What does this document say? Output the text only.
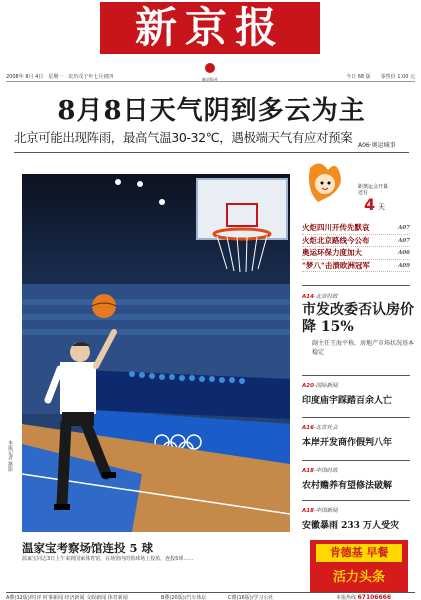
新京报
新京报社
2008年 8月 4日　星期一　农历戊子年七月初四	今日 68 版　　零售价 1.00 元
8月8日天气阴到多云为主
北京可能出现阵雨，最高气温30-32℃，遇极端天气有应对预案
A06·奥运城事
温家宝考察场馆连投 5 球
温家宝同志3日上午来到国家体育馆，在场馆内的篮球场上投篮，连投5球……
本报记者 摄影
距奥运会开幕还有
4 天
火炬四川开传先默哀	A07
火炬北京路线今公布	A07
奥运环保力度加大	A06
"梦八"击溃欧洲冠军	A09
A14·北京时政
市发改委否认房价降 15%
副主任王海平称，房地产市场状况基本稳定
A20·国际新闻
印度庙宇踩踏百余人亡
A16·北京社会
本岸开发商作假判八年
A18·中国时政
农村赡养有望修法破解
A18·中国新闻
安徽暴雨 233 万人受灾
肯德基 早餐
活力头条
A叠(32版)/时评 时事新闻 经济新闻 文娱新闻 体育新闻	B叠(20版)/汽车体坛	C叠(16版)/学习公社	本报热线 67106666
